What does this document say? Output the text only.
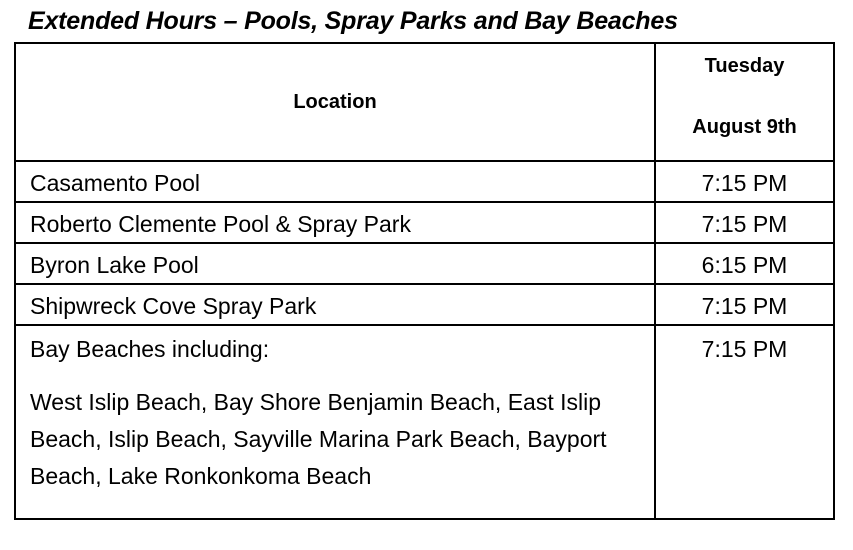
Extended Hours – Pools, Spray Parks and Bay Beaches
Location	Tuesday
August 9th

Casamento Pool	7:15 PM
Roberto Clemente Pool & Spray Park	7:15 PM
Byron Lake Pool	6:15 PM
Shipwreck Cove Spray Park	7:15 PM

Bay Beaches including:
West Islip Beach, Bay Shore Benjamin Beach, East Islip Beach, Islip Beach, Sayville Marina Park Beach, Bayport Beach, Lake Ronkonkoma Beach	7:15 PM
